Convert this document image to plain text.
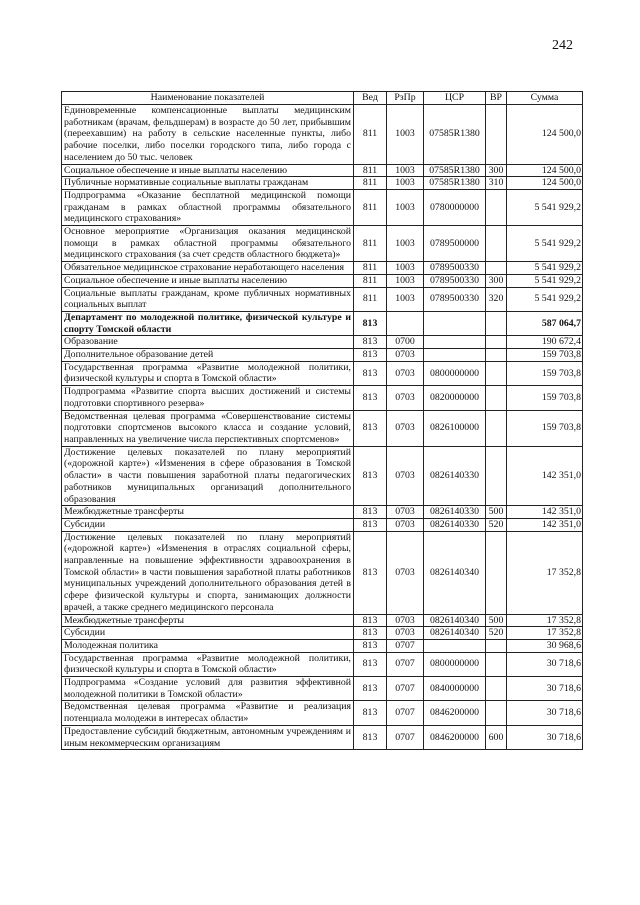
242
Наименование показателей	Вед	РзПр	ЦСР	ВР	Сумма
Единовременные компенсационные выплаты медицинским работникам (врачам, фельдшерам) в возрасте до 50 лет, прибывшим (переехавшим) на работу в сельские населенные пункты, либо рабочие поселки, либо поселки городского типа, либо города с населением до 50 тыс. человек	811	1003	07585R1380		124 500,0
Социальное обеспечение и иные выплаты населению	811	1003	07585R1380	300	124 500,0
Публичные нормативные социальные выплаты гражданам	811	1003	07585R1380	310	124 500,0
Подпрограмма «Оказание бесплатной медицинской помощи гражданам в рамках областной программы обязательного медицинского страхования»	811	1003	0780000000		5 541 929,2
Основное мероприятие «Организация оказания медицинской помощи в рамках областной программы обязательного медицинского страхования (за счет средств областного бюджета)»	811	1003	0789500000		5 541 929,2
Обязательное медицинское страхование неработающего населения	811	1003	0789500330		5 541 929,2
Социальное обеспечение и иные выплаты населению	811	1003	0789500330	300	5 541 929,2
Социальные выплаты гражданам, кроме публичных нормативных социальных выплат	811	1003	0789500330	320	5 541 929,2
Департамент по молодежной политике, физической культуре и спорту Томской области	813				587 064,7
Образование	813	0700			190 672,4
Дополнительное образование детей	813	0703			159 703,8
Государственная программа «Развитие молодежной политики, физической культуры и спорта в Томской области»	813	0703	0800000000		159 703,8
Подпрограмма «Развитие спорта высших достижений и системы подготовки спортивного резерва»	813	0703	0820000000		159 703,8
Ведомственная целевая программа «Совершенствование системы подготовки спортсменов высокого класса и создание условий, направленных на увеличение числа перспективных спортсменов»	813	0703	0826100000		159 703,8
Достижение целевых показателей по плану мероприятий («дорожной карте») «Изменения в сфере образования в Томской области» в части повышения заработной платы педагогических работников муниципальных организаций дополнительного образования	813	0703	0826140330		142 351,0
Межбюджетные трансферты	813	0703	0826140330	500	142 351,0
Субсидии	813	0703	0826140330	520	142 351,0
Достижение целевых показателей по плану мероприятий («дорожной карте») «Изменения в отраслях социальной сферы, направленные на повышение эффективности здравоохранения в Томской области» в части повышения заработной платы работников муниципальных учреждений дополнительного образования детей в сфере физической культуры и спорта, занимающих должности врачей, а также среднего медицинского персонала	813	0703	0826140340		17 352,8
Межбюджетные трансферты	813	0703	0826140340	500	17 352,8
Субсидии	813	0703	0826140340	520	17 352,8
Молодежная политика	813	0707			30 968,6
Государственная программа «Развитие молодежной политики, физической культуры и спорта в Томской области»	813	0707	0800000000		30 718,6
Подпрограмма «Создание условий для развития эффективной молодежной политики в Томской области»	813	0707	0840000000		30 718,6
Ведомственная целевая программа «Развитие и реализация потенциала молодежи в интересах области»	813	0707	0846200000		30 718,6
Предоставление субсидий бюджетным, автономным учреждениям и иным некоммерческим организациям	813	0707	0846200000	600	30 718,6
